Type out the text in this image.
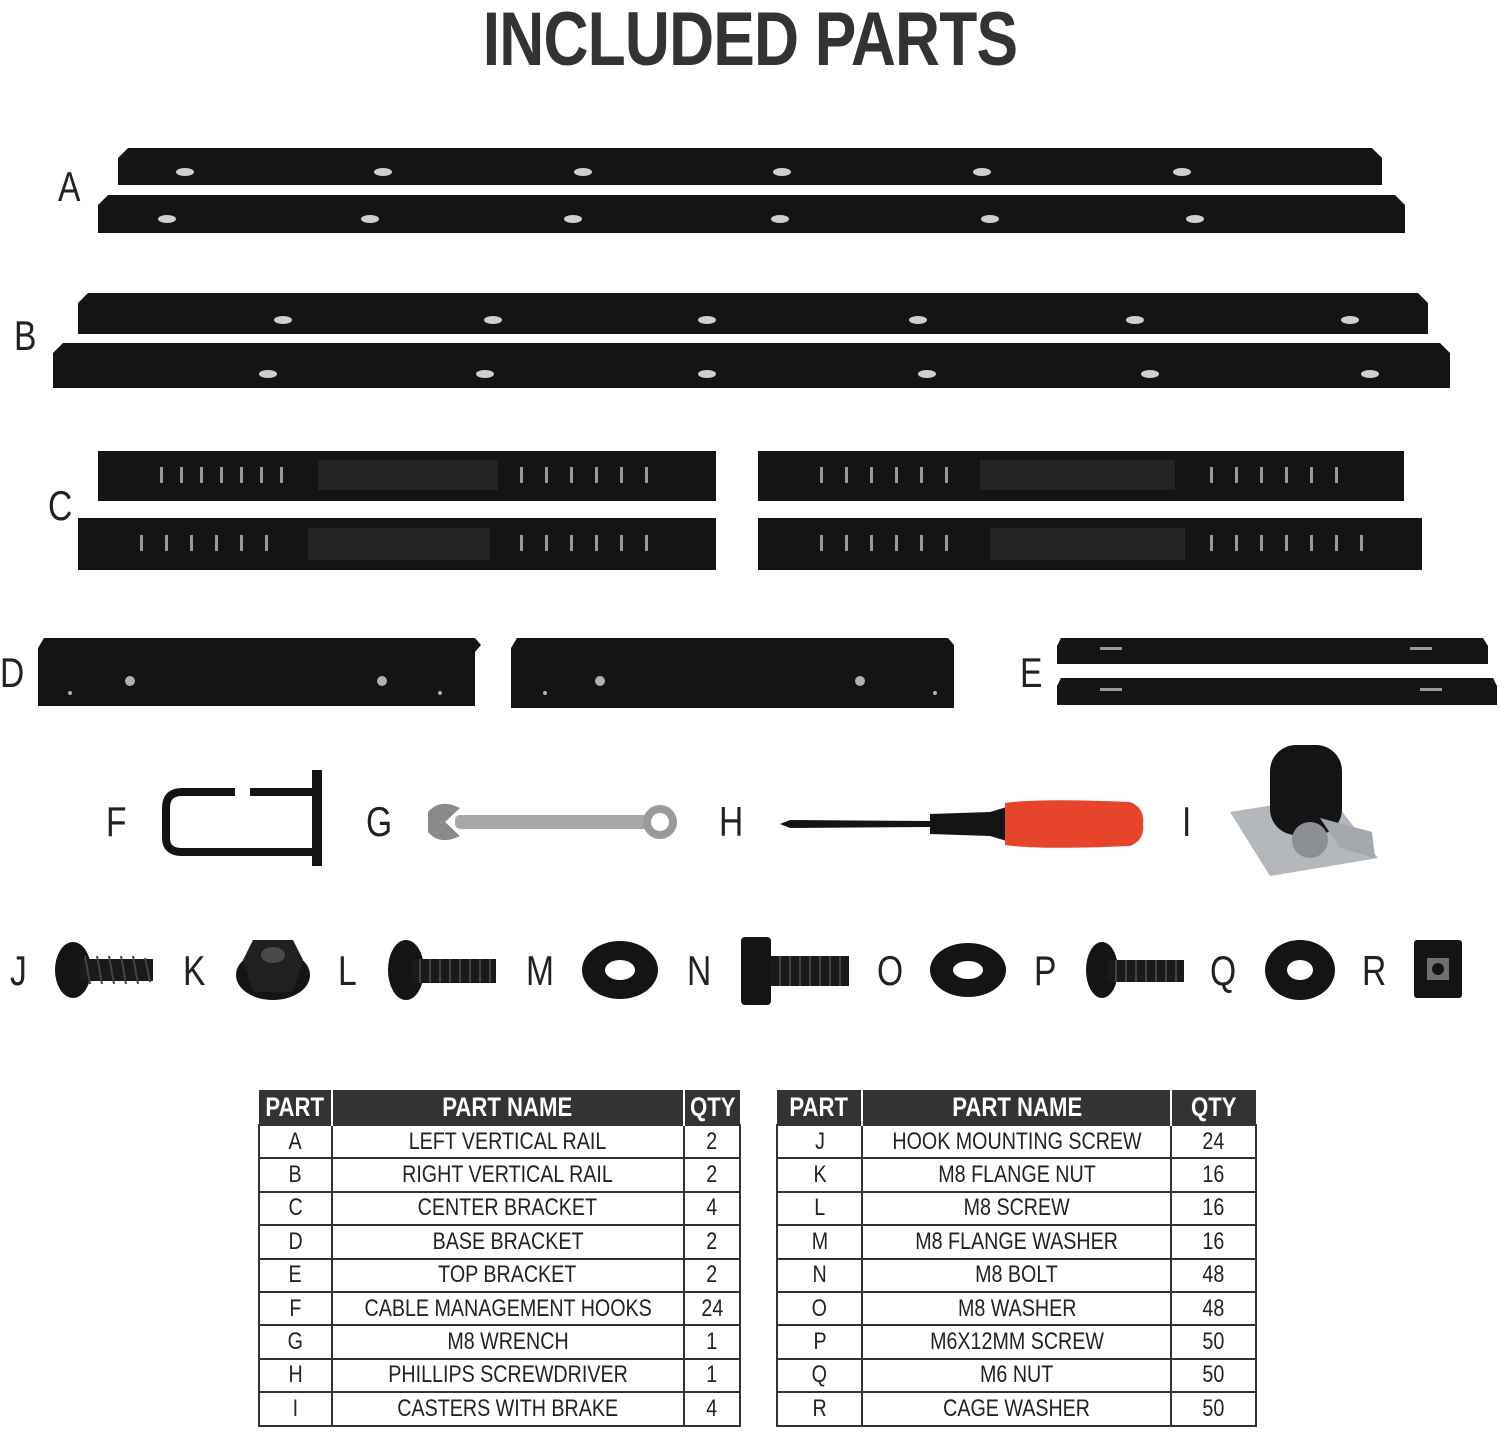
INCLUDED PARTS
A
B
C
D	E
F	G	H	I
J	K	L	M	N	O	P	Q	R
PART	PART NAME	QTY
A	LEFT VERTICAL RAIL	2
B	RIGHT VERTICAL RAIL	2
C	CENTER BRACKET	4
D	BASE BRACKET	2
E	TOP BRACKET	2
F	CABLE MANAGEMENT HOOKS	24
G	M8 WRENCH	1
H	PHILLIPS SCREWDRIVER	1
I	CASTERS WITH BRAKE	4
PART	PART NAME	QTY
J	HOOK MOUNTING SCREW	24
K	M8 FLANGE NUT	16
L	M8 SCREW	16
M	M8 FLANGE WASHER	16
N	M8 BOLT	48
O	M8 WASHER	48
P	M6X12MM SCREW	50
Q	M6 NUT	50
R	CAGE WASHER	50
